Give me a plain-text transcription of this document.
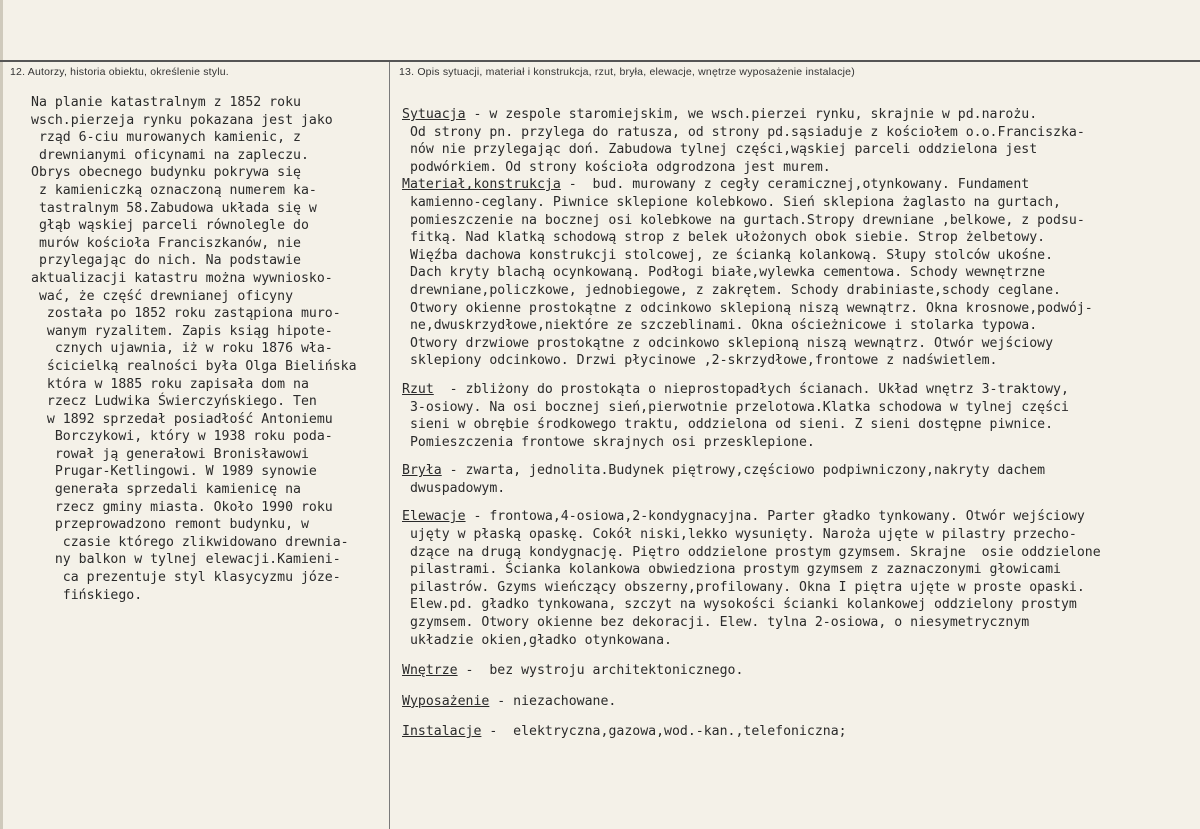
12. Autorzy, historia obiektu, określenie stylu.	13. Opis sytuacji, materiał i konstrukcja, rzut, bryła, elewacje, wnętrze wyposażenie instalacje)
Na planie katastralnym z 1852 roku
wsch.pierzeja rynku pokazana jest jako
rząd 6-ciu murowanych kamienic, z
drewnianymi oficynami na zapleczu.
Obrys obecnego budynku pokrywa się
z kamieniczką oznaczoną numerem ka-
tastralnym 58.Zabudowa układa się w
głąb wąskiej parceli równolegle do
murów kościoła Franciszkanów, nie
przylegając do nich. Na podstawie
aktualizacji katastru można wywniosko-
wać, że część drewnianej oficyny
została po 1852 roku zastąpiona muro-
wanym ryzalitem. Zapis ksiąg hipote-
cznych ujawnia, iż w roku 1876 wła-
ścicielką realności była Olga Bielińska
która w 1885 roku zapisała dom na
rzecz Ludwika Świerczyńskiego. Ten
w 1892 sprzedał posiadłość Antoniemu
Borczykowi, który w 1938 roku poda-
rował ją generałowi Bronisławowi
Prugar-Ketlingowi. W 1989 synowie
generała sprzedali kamienicę na
rzecz gminy miasta. Około 1990 roku
przeprowadzono remont budynku, w
czasie którego zlikwidowano drewnia-
ny balkon w tylnej elewacji.Kamieni-
ca prezentuje styl klasycyzmu józe-
fińskiego.
Sytuacja - w zespole staromiejskim, we wsch.pierzei rynku, skrajnie w pd.narożu.
Od strony pn. przylega do ratusza, od strony pd.sąsiaduje z kościołem o.o.Franciszka-
nów nie przylegając doń. Zabudowa tylnej części,wąskiej parceli oddzielona jest
podwórkiem. Od strony kościoła odgrodzona jest murem.
Materiał,konstrukcja -  bud. murowany z cegły ceramicznej,otynkowany. Fundament
kamienno-ceglany. Piwnice sklepione kolebkowo. Sień sklepiona żaglasto na gurtach,
pomieszczenie na bocznej osi kolebkowe na gurtach.Stropy drewniane ,belkowe, z podsu-
fitką. Nad klatką schodową strop z belek ułożonych obok siebie. Strop żelbetowy.
Więźba dachowa konstrukcji stolcowej, ze ścianką kolankową. Słupy stolców ukośne.
Dach kryty blachą ocynkowaną. Podłogi białe,wylewka cementowa. Schody wewnętrzne
drewniane,policzkowe, jednobiegowe, z zakrętem. Schody drabiniaste,schody ceglane.
Otwory okienne prostokątne z odcinkowo sklepioną niszą wewnątrz. Okna krosnowe,podwój-
ne,dwuskrzydłowe,niektóre ze szczeblinami. Okna ościeżnicowe i stolarka typowa.
Otwory drzwiowe prostokątne z odcinkowo sklepioną niszą wewnątrz. Otwór wejściowy
sklepiony odcinkowo. Drzwi płycinowe ,2-skrzydłowe,frontowe z nadświetlem.
Rzut  - zbliżony do prostokąta o nieprostopadłych ścianach. Układ wnętrz 3-traktowy,
3-osiowy. Na osi bocznej sień,pierwotnie przelotowa.Klatka schodowa w tylnej części
sieni w obrębie środkowego traktu, oddzielona od sieni. Z sieni dostępne piwnice.
Pomieszczenia frontowe skrajnych osi przesklepione.
Bryła - zwarta, jednolita.Budynek piętrowy,częściowo podpiwniczony,nakryty dachem
dwuspadowym.
Elewacje - frontowa,4-osiowa,2-kondygnacyjna. Parter gładko tynkowany. Otwór wejściowy
ujęty w płaską opaskę. Cokół niski,lekko wysunięty. Naroża ujęte w pilastry przecho-
dzące na drugą kondygnację. Piętro oddzielone prostym gzymsem. Skrajne  osie oddzielone
pilastrami. Ścianka kolankowa obwiedziona prostym gzymsem z zaznaczonymi głowicami
pilastrów. Gzyms wieńczący obszerny,profilowany. Okna I piętra ujęte w proste opaski.
Elew.pd. gładko tynkowana, szczyt na wysokości ścianki kolankowej oddzielony prostym
gzymsem. Otwory okienne bez dekoracji. Elew. tylna 2-osiowa, o niesymetrycznym
układzie okien,gładko otynkowana.
Wnętrze -  bez wystroju architektonicznego.
Wyposażenie - niezachowane.
Instalacje -  elektryczna,gazowa,wod.-kan.,telefoniczna;
